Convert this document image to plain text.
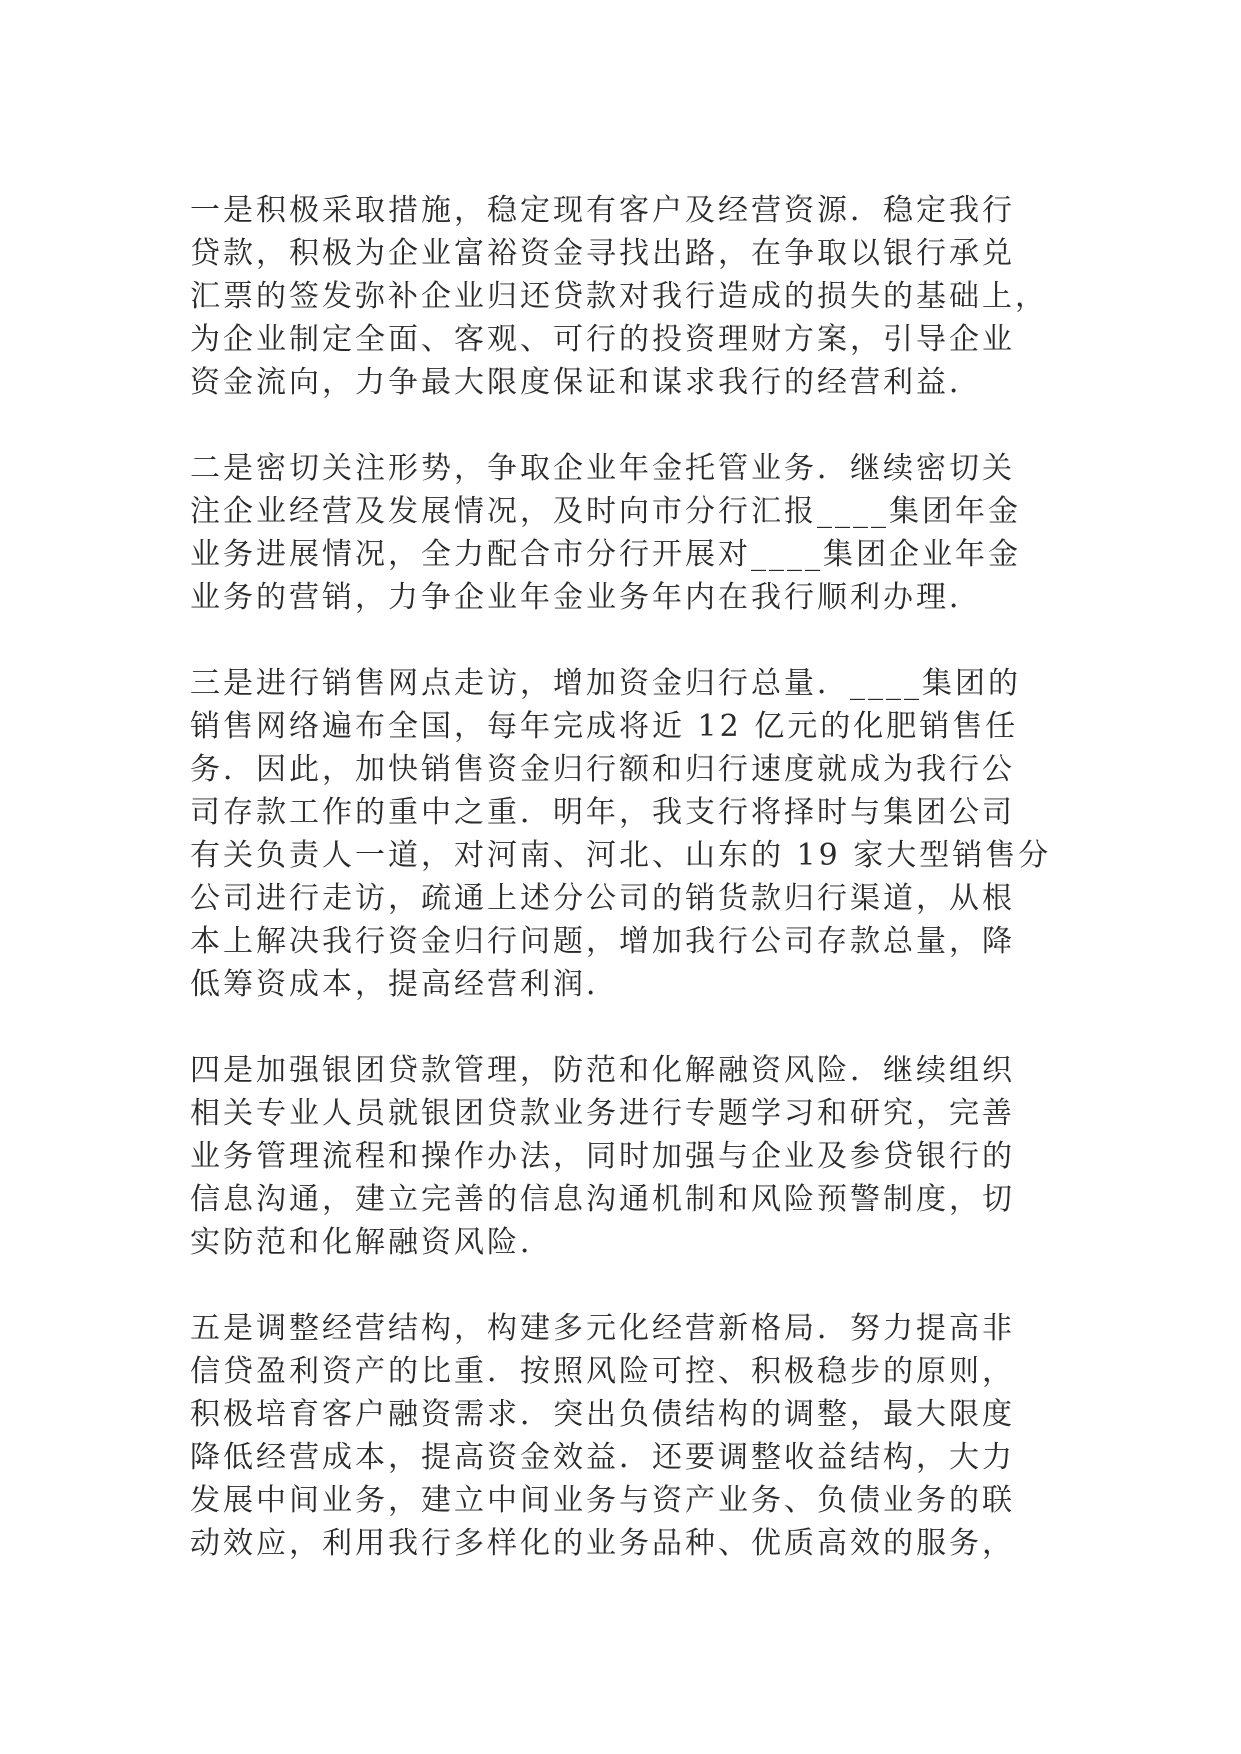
一是积极采取措施，稳定现有客户及经营资源．稳定我行
贷款，积极为企业富裕资金寻找出路，在争取以银行承兑
汇票的签发弥补企业归还贷款对我行造成的损失的基础上，
为企业制定全面、客观、可行的投资理财方案，引导企业
资金流向，力争最大限度保证和谋求我行的经营利益．

二是密切关注形势，争取企业年金托管业务．继续密切关
注企业经营及发展情况，及时向市分行汇报____集团年金
业务进展情况，全力配合市分行开展对____集团企业年金
业务的营销，力争企业年金业务年内在我行顺利办理．

三是进行销售网点走访，增加资金归行总量．____集团的
销售网络遍布全国，每年完成将近 12 亿元的化肥销售任
务．因此，加快销售资金归行额和归行速度就成为我行公
司存款工作的重中之重．明年，我支行将择时与集团公司
有关负责人一道，对河南、河北、山东的 19 家大型销售分
公司进行走访，疏通上述分公司的销货款归行渠道，从根
本上解决我行资金归行问题，增加我行公司存款总量，降
低筹资成本，提高经营利润．

四是加强银团贷款管理，防范和化解融资风险．继续组织
相关专业人员就银团贷款业务进行专题学习和研究，完善
业务管理流程和操作办法，同时加强与企业及参贷银行的
信息沟通，建立完善的信息沟通机制和风险预警制度，切
实防范和化解融资风险．

五是调整经营结构，构建多元化经营新格局．努力提高非
信贷盈利资产的比重．按照风险可控、积极稳步的原则，
积极培育客户融资需求．突出负债结构的调整，最大限度
降低经营成本，提高资金效益．还要调整收益结构，大力
发展中间业务，建立中间业务与资产业务、负债业务的联
动效应，利用我行多样化的业务品种、优质高效的服务，
